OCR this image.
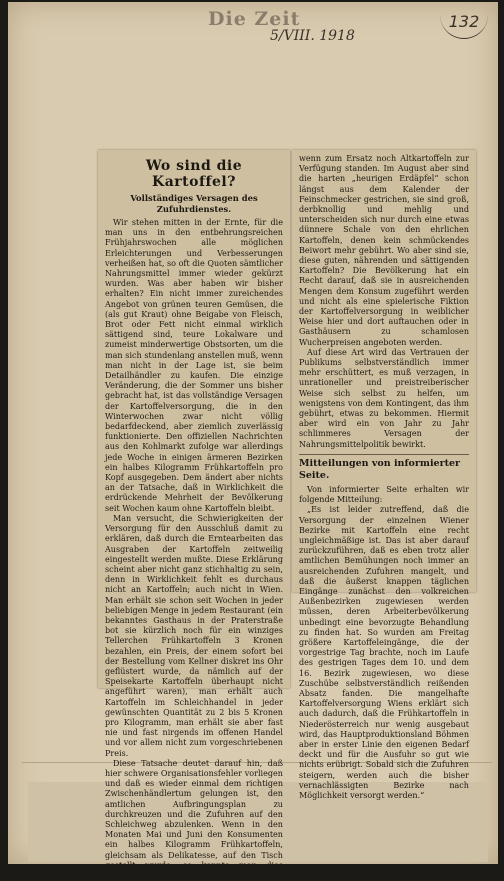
Die Zeit
5/VIII. 1918
132
Wo sind die Kartoffel?
Vollständiges Versagen des Zufuhrdienstes.

Wir stehen mitten in der Ernte, für die man uns in den entbehrungsreichen Frühjahrswochen alle möglichen Erleichterungen und Verbesserungen verheißen hat, so oft die Quoten sämtlicher Nahrungsmittel immer wieder gekürzt wurden. Was aber haben wir bisher erhalten? Ein nicht immer zureichendes Angebot von grünen teuren Gemüsen, die (als gut Kraut) ohne Beigabe von Fleisch, Brot oder Fett nicht einmal wirklich sättigend sind, teure Lokalware und zumeist minderwertige Obstsorten, um die man sich stundenlang anstellen muß, wenn man nicht in der Lage ist, sie beim Detailhändler zu kaufen. Die einzige Veränderung, die der Sommer uns bisher gebracht hat, ist das vollständige Versagen der Kartoffelversorgung, die in den Winterwochen zwar nicht völlig bedarfdeckend, aber ziemlich zuverlässig funktionierte. Den offiziellen Nachrichten aus den Kohlmarkt zufolge war allerdings jede Woche in einigen ärmeren Bezirken ein halbes Kilogramm Frühkartoffeln pro Kopf ausgegeben. Dem ändert aber nichts an der Tatsache, daß in Wirklichkeit die erdrückende Mehrheit der Bevölkerung seit Wochen kaum ohne Kartoffeln bleibt.

Man versucht, die Schwierigkeiten der Versorgung für den Ausschluß damit zu erklären, daß durch die Erntearbeiten das Ausgraben der Kartoffeln zeitweilig eingestellt werden mußte. Diese Erklärung scheint aber nicht ganz stichhaltig zu sein, denn in Wirklichkeit fehlt es durchaus nicht an Kartoffeln; auch nicht in Wien. Man erhält sie schon seit Wochen in jeder beliebigen Menge in jedem Restaurant (ein bekanntes Gasthaus in der Praterstraße bot sie kürzlich noch für ein winziges Tellerchen Frühkartoffeln 3 Kronen bezahlen, ein Preis, der einem sofort bei der Bestellung vom Kellner diskret ins Ohr geflüstert wurde, da nämlich auf der Speisekarte Kartoffeln überhaupt nicht angeführt waren), man erhält auch Kartoffeln im Schleichhandel in jeder gewünschten Quantität zu 2 bis 5 Kronen pro Kilogramm, man erhält sie aber fast nie und fast nirgends im offenen Handel und vor allem nicht zum vorgeschriebenen Preis.

Diese Tatsache deutet darauf hin, daß hier schwere Organisationsfehler vorliegen und daß es wieder einmal dem richtigen Zwischenhändlertum gelungen ist, den amtlichen Aufbringungsplan zu durchkreuzen und die Zufuhren auf den Schleichweg abzulenken. Wenn in den Monaten Mai und Juni den Konsumenten ein halbes Kilogramm Frühkartoffeln, gleichsam als Delikatesse, auf den Tisch gestellt wurde, so konnte man dies halbwegs verständlich finden, besonders

wenn zum Ersatz noch Altkartoffeln zur Verfügung standen. Im August aber sind die harten „heurigen Erdäpfel“ schon längst aus dem Kalender der Feinschmecker gestrichen, sie sind groß, derbknollig und mehlig und unterscheiden sich nur durch eine etwas dünnere Schale von den ehrlichen Kartoffeln, denen kein schmückendes Beiwort mehr gebührt. Wo aber sind sie, diese guten, nährenden und sättigenden Kartoffeln? Die Bevölkerung hat ein Recht darauf, daß sie in ausreichenden Mengen dem Konsum zugeführt werden und nicht als eine spielerische Fiktion der Kartoffelversorgung in weiblicher Weise hier und dort auftauchen oder in Gasthäusern zu schamlosen Wucherpreisen angeboten werden.

Auf diese Art wird das Vertrauen der Publikums selbstverständlich immer mehr erschüttert, es muß verzagen, in unrationeller und preistreiberischer Weise sich selbst zu helfen, um wenigstens von dem Kontingent, das ihm gebührt, etwas zu bekommen. Hiermit aber wird ein von Jahr zu Jahr schlimmeres Versagen der Nahrungsmittelpolitik bewirkt.

Mitteilungen von informierter Seite.

Von informierter Seite erhalten wir folgende Mitteilung:

„Es ist leider zutreffend, daß die Versorgung der einzelnen Wiener Bezirke mit Kartoffeln eine recht ungleichmäßige ist. Das ist aber darauf zurückzuführen, daß es eben trotz aller amtlichen Bemühungen noch immer an ausreichenden Zufuhren mangelt, und daß die äußerst knappen täglichen Eingänge zunächst den volkreichen Außenbezirken zugewiesen werden müssen, deren Arbeiterbevölkerung unbedingt eine bevorzugte Behandlung zu finden hat. So wurden am Freitag größere Kartoffeleingänge, die der vorgestrige Tag brachte, noch im Laufe des gestrigen Tages dem 10. und dem 16. Bezirk zugewiesen, wo diese Zuschübe selbstverständlich reißenden Absatz fanden. Die mangelhafte Kartoffelversorgung Wiens erklärt sich auch dadurch, daß die Frühkartoffeln in Niederösterreich nur wenig ausgebaut wird, das Hauptproduktionsland Böhmen aber in erster Linie den eigenen Bedarf deckt und für die Ausfuhr so gut wie nichts erübrigt. Sobald sich die Zufuhren steigern, werden auch die bisher vernachlässigten Bezirke nach Möglichkeit versorgt werden.“
